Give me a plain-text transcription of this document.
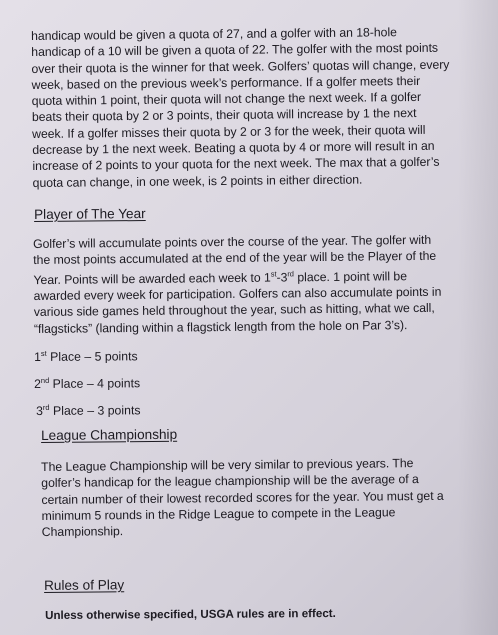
handicap would be given a quota of 27, and a golfer with an 18-hole handicap of a 10 will be given a quota of 22. The golfer with the most points over their quota is the winner for that week. Golfers’ quotas will change, every week, based on the previous week’s performance. If a golfer meets their quota within 1 point, their quota will not change the next week. If a golfer beats their quota by 2 or 3 points, their quota will increase by 1 the next week. If a golfer misses their quota by 2 or 3 for the week, their quota will decrease by 1 the next week. Beating a quota by 4 or more will result in an increase of 2 points to your quota for the next week. The max that a golfer’s quota can change, in one week, is 2 points in either direction.
Player of The Year
Golfer’s will accumulate points over the course of the year. The golfer with the most points accumulated at the end of the year will be the Player of the Year. Points will be awarded each week to 1st-3rd place. 1 point will be awarded every week for participation. Golfers can also accumulate points in various side games held throughout the year, such as hitting, what we call, “flagsticks” (landing within a flagstick length from the hole on Par 3’s).
1st Place – 5 points
2nd Place – 4 points
3rd Place – 3 points
League Championship
The League Championship will be very similar to previous years. The golfer’s handicap for the league championship will be the average of a certain number of their lowest recorded scores for the year. You must get a minimum 5 rounds in the Ridge League to compete in the League Championship.
Rules of Play
Unless otherwise specified, USGA rules are in effect.
